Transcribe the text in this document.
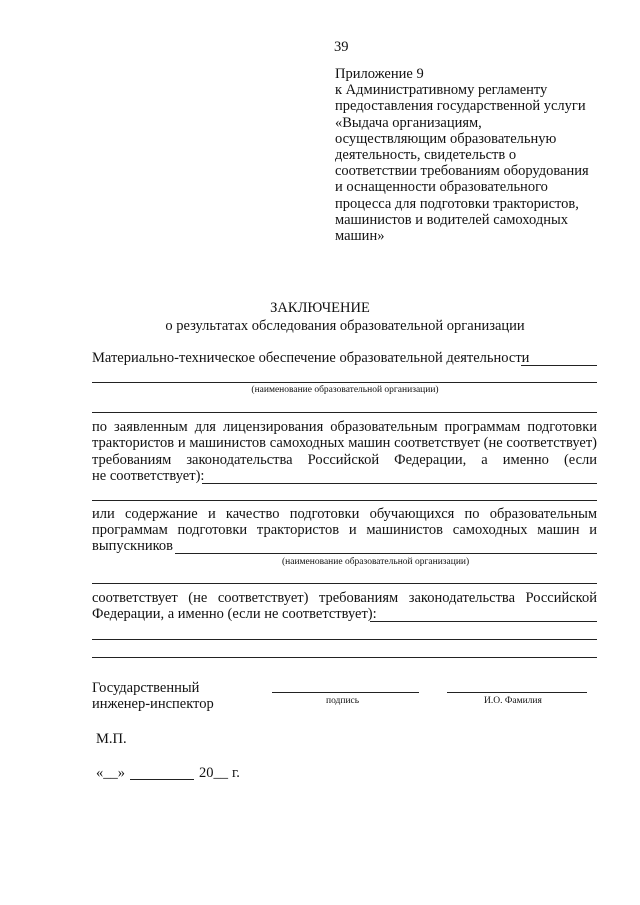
39
Приложение 9
к Административному регламенту
предоставления государственной услуги
«Выдача организациям,
осуществляющим образовательную
деятельность, свидетельств о
соответствии требованиям оборудования
и оснащенности образовательного
процесса для подготовки трактористов,
машинистов и водителей самоходных
машин»
ЗАКЛЮЧЕНИЕ
о результатах обследования образовательной организации
Материально-техническое обеспечение образовательной деятельности
(наименование образовательной организации)
по заявленным для лицензирования образовательным программам подготовки
трактористов и машинистов самоходных машин соответствует (не соответствует)
требованиям законодательства Российской Федерации, а именно (если
не соответствует):
или содержание и качество подготовки обучающихся по образовательным
программам подготовки трактористов и машинистов самоходных машин и
выпускников
(наименование образовательной организации)
соответствует (не соответствует) требованиям законодательства Российской
Федерации, а именно (если не соответствует):
Государственный
инженер-инспектор	подпись	И.О. Фамилия
М.П.
«__»	20__ г.
